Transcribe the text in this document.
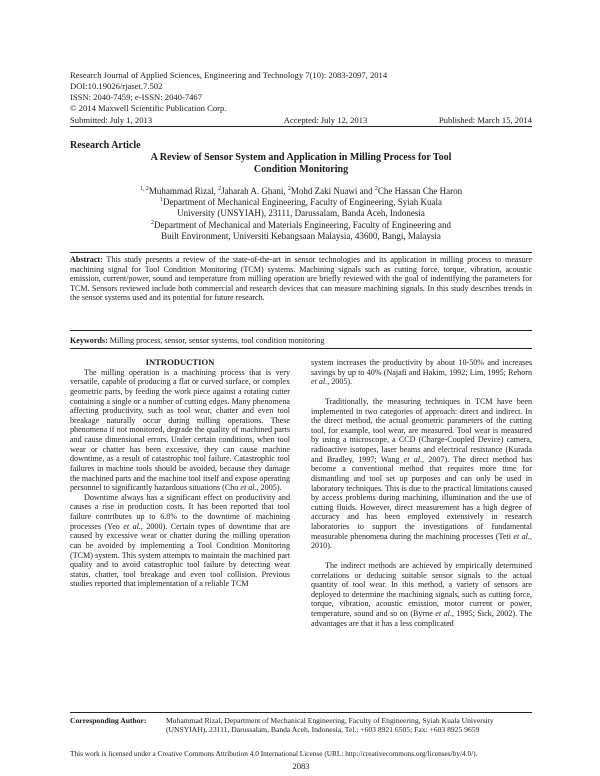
Research Journal of Applied Sciences, Engineering and Technology 7(10): 2083-2097, 2014
DOI:10.19026/rjaset.7.502
ISSN: 2040-7459; e-ISSN: 2040-7467
© 2014 Maxwell Scientific Publication Corp.
Submitted: July 1, 2013	Accepted: July 12, 2013	Published: March 15, 2014
Research Article
A Review of Sensor System and Application in Milling Process for Tool
Condition Monitoring
$^{1, 2}$Muhammad Rizal, $^2$Jaharah A. Ghani, $^2$Mohd Zaki Nuawi and $^2$Che Hassan Che Haron
$^1$Department of Mechanical Engineering, Faculty of Engineering, Syiah Kuala
University (UNSYIAH), 23111, Darussalam, Banda Aceh, Indonesia
$^2$Department of Mechanical and Materials Engineering, Faculty of Engineering and
Built Environment, Universiti Kebangsaan Malaysia, 43600, Bangi, Malaysia
Abstract: This study presents a review of the state-of-the-art in sensor technologies and its application in milling process to measure machining signal for Tool Condition Monitoring (TCM) systems. Machining signals such as cutting force, torque, vibration, acoustic emission, current/power, sound and temperature from milling operation are briefly reviewed with the goal of indentifying the parameters for TCM. Sensors reviewed include both commercial and research devices that can measure machining signals. In this study describes trends in the sensor systems used and its potential for future research.
Keywords: Milling process, sensor, sensor systems, tool condition monitoring

INTRODUCTION

The milling operation is a machining process that is very versatile, capable of producing a flat or curved surface, or complex geometric parts, by feeding the work piece against a rotating cutter containing a single or a number of cutting edges. Many phenomena affecting productivity, such as tool wear, chatter and even tool breakage naturally occur during milling operations. These phenomena if not monitored, degrade the quality of machined parts and cause dimensional errors. Under certain conditions, when tool wear or chatter has been excessive, they can cause machine downtime, as a result of catastrophic tool failure. Catastrophic tool failures in machine tools should be avoided, because they damage the machined parts and the machine tool itself and expose operating personnel to significantly hazardous situations (Cho et al., 2005).

Downtime always has a significant effect on productivity and causes a rise in production costs. It has been reported that tool failure contributes up to 6.8% to the downtime of machining processes (Yeo et al., 2000). Certain types of downtime that are caused by excessive wear or chatter during the milling operation can be avoided by implementing a Tool Condition Monitoring (TCM) system. This system attempts to maintain the machined part quality and to avoid catastrophic tool failure by detecting wear status, chatter, tool breakage and even tool collision. Previous studies reported that implementation of a reliable TCM

system increases the productivity by about 10-50% and increases savings by up to 40% (Najafi and Hakim, 1992; Lim, 1995; Rehorn et al., 2005).

Traditionally, the measuring techniques in TCM have been implemented in two categories of approach: direct and indirect. In the direct method, the actual geometric parameters of the cutting tool, for example, tool wear, are measured. Tool wear is measured by using a microscope, a CCD (Charge-Coupled Device) camera, radioactive isotopes, laser beams and electrical resistance (Kurada and Bradley, 1997; Wang et al., 2007). The direct method has become a conventional method that requires more time for dismantling and tool set up purposes and can only be used in laboratory techniques. This is due to the practical limitations caused by access problems during machining, illumination and the use of cutting fluids. However, direct measurement has a high degree of accuracy and has been employed extensively in research laboratories to support the investigations of fundamental measurable phenomena during the machining processes (Teti et al., 2010).

The indirect methods are achieved by empirically determined correlations or deducing suitable sensor signals to the actual quantity of tool wear. In this method, a variety of sensors are deployed to determine the machining signals, such as cutting force, torque, vibration, acoustic emission, motor current or power, temperature, sound and so on (Byrne et al., 1995; Sick, 2002). The advantages are that it has a less complicated

Corresponding Author:	Muhammad Rizal, Department of Mechanical Engineering, Faculty of Engineering, Syiah Kuala University (UNSYIAH), 23111, Darussalam, Banda Aceh, Indonesia, Tel.: +603 8921 6505; Fax: +603 8925 9659
This work is licensed under a Creative Commons Attribution 4.0 International License (URL: http://creativecommons.org/licenses/by/4.0/).
2083
